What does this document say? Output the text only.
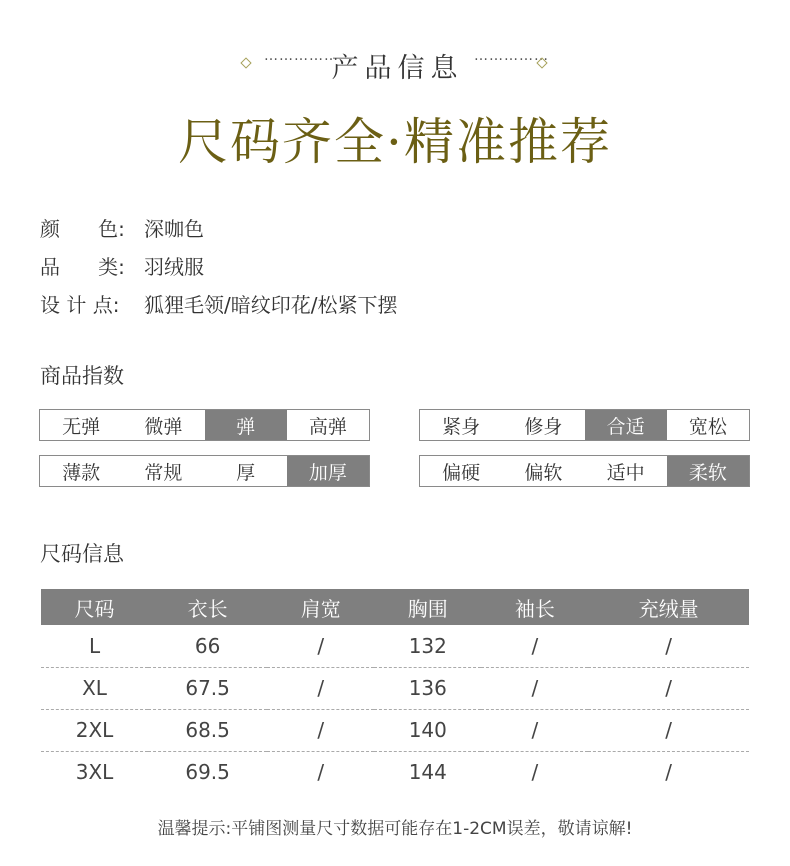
……………
产品信息 ……………
尺码齐全·精准推荐
颜      色: 深咖色
品      类: 羽绒服
设 计 点:	狐狸毛领/暗纹印花/松紧下摆
商品指数
无弹	微弹	弹	高弹	紧身	修身	合适	宽松
薄款	常规	厚	加厚	偏硬	偏软	适中	柔软
尺码信息
尺码	衣长	肩宽	胸围	袖长	充绒量
L	66	/	132	/	/
XL	67.5	/	136	/	/
2XL	68.5	/	140	/	/
3XL	69.5	/	144	/	/
温馨提示:平铺图测量尺寸数据可能存在1-2CM误差，敬请谅解!
